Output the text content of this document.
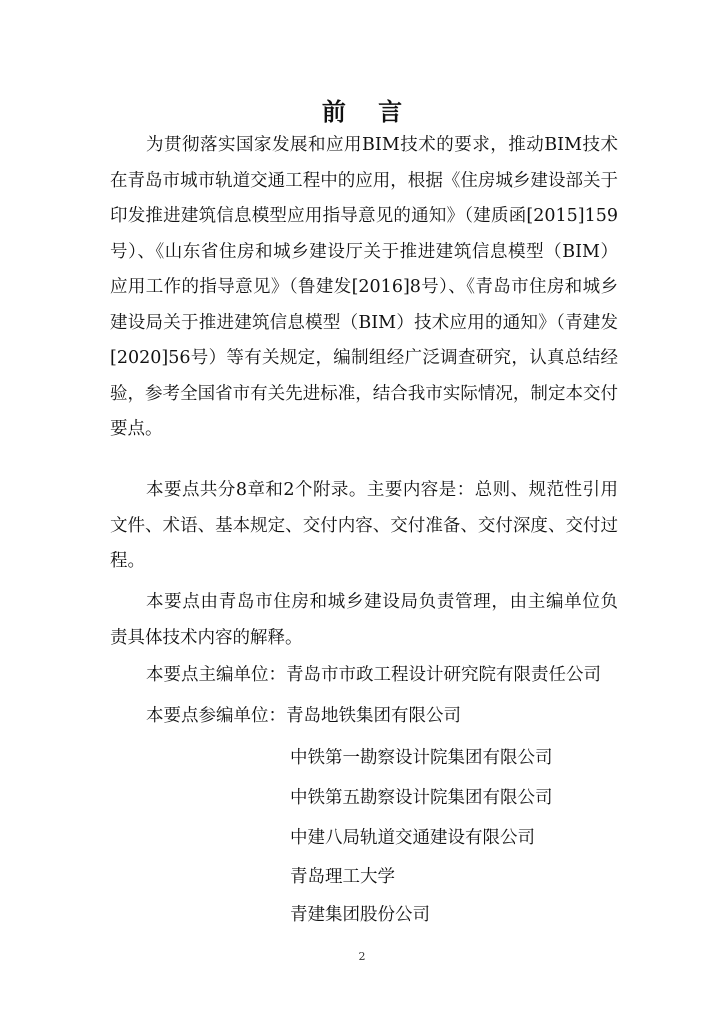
前 言

为贯彻落实国家发展和应用BIM技术的要求，推动BIM技术在青岛市城市轨道交通工程中的应用，根据《住房城乡建设部关于印发推进建筑信息模型应用指导意见的通知》（建质函[2015]159号）、《山东省住房和城乡建设厅关于推进建筑信息模型（BIM）应用工作的指导意见》（鲁建发[2016]8号）、《青岛市住房和城乡建设局关于推进建筑信息模型（BIM）技术应用的通知》（青建发[2020]56号）等有关规定，编制组经广泛调查研究，认真总结经验，参考全国省市有关先进标准，结合我市实际情况，制定本交付要点。

本要点共分8章和2个附录。主要内容是：总则、规范性引用文件、术语、基本规定、交付内容、交付准备、交付深度、交付过程。

本要点由青岛市住房和城乡建设局负责管理，由主编单位负责具体技术内容的解释。

本要点主编单位：青岛市市政工程设计研究院有限责任公司

本要点参编单位：青岛地铁集团有限公司

中铁第一勘察设计院集团有限公司

中铁第五勘察设计院集团有限公司

中建八局轨道交通建设有限公司

青岛理工大学

青建集团股份公司

2
